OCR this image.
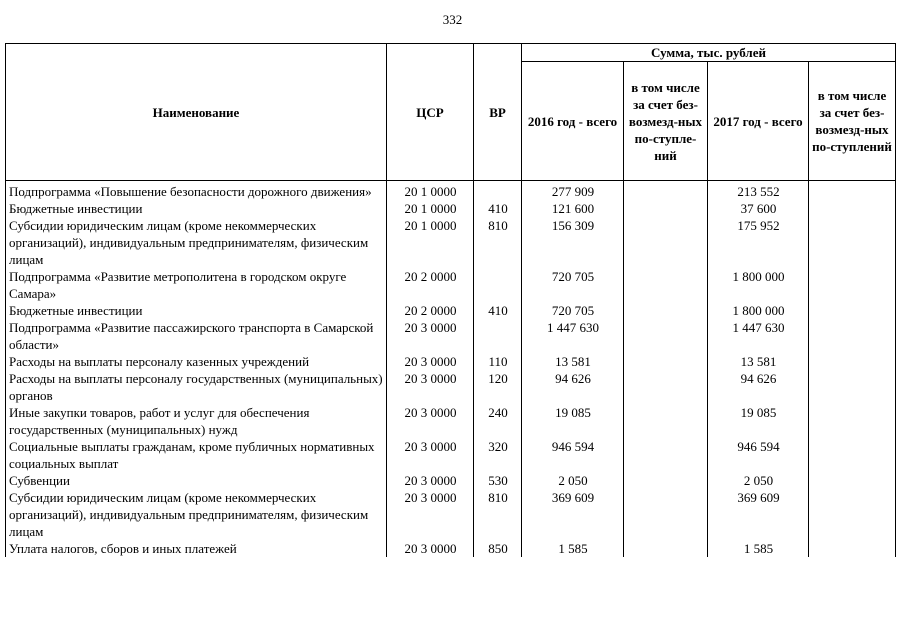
332
Наименование	ЦСР	ВР	Сумма, тыс. рублей			
			2016 год - всего	в том числе за счет без-возмезд-ных по-ступле-ний	2017 год - всего	в том числе за счет без-возмезд-ных по-ступлений
Подпрограмма «Повышение безопасности дорожного движения»	20 1 0000		277 909		213 552	
Бюджетные инвестиции	20 1 0000	410	121 600		37 600	
Субсидии юридическим лицам (кроме некоммерческих организаций), индивидуальным предпринимателям, физическим лицам	20 1 0000	810	156 309		175 952	
Подпрограмма «Развитие метрополитена в городском округе Самара»	20 2 0000		720 705		1 800 000	
Бюджетные инвестиции	20 2 0000	410	720 705		1 800 000	
Подпрограмма «Развитие пассажирского транспорта в Самарской области»	20 3 0000		1 447 630		1 447 630	
Расходы на выплаты персоналу казенных учреждений	20 3 0000	110	13 581		13 581	
Расходы на выплаты персоналу государственных (муниципальных) органов	20 3 0000	120	94 626		94 626	
Иные закупки товаров, работ и услуг для обеспечения государственных (муниципальных) нужд	20 3 0000	240	19 085		19 085	
Социальные выплаты гражданам, кроме публичных нормативных социальных выплат	20 3 0000	320	946 594		946 594	
Субвенции	20 3 0000	530	2 050		2 050	
Субсидии юридическим лицам (кроме некоммерческих организаций), индивидуальным предпринимателям, физическим лицам	20 3 0000	810	369 609		369 609	
Уплата налогов, сборов и иных платежей	20 3 0000	850	1 585		1 585	
